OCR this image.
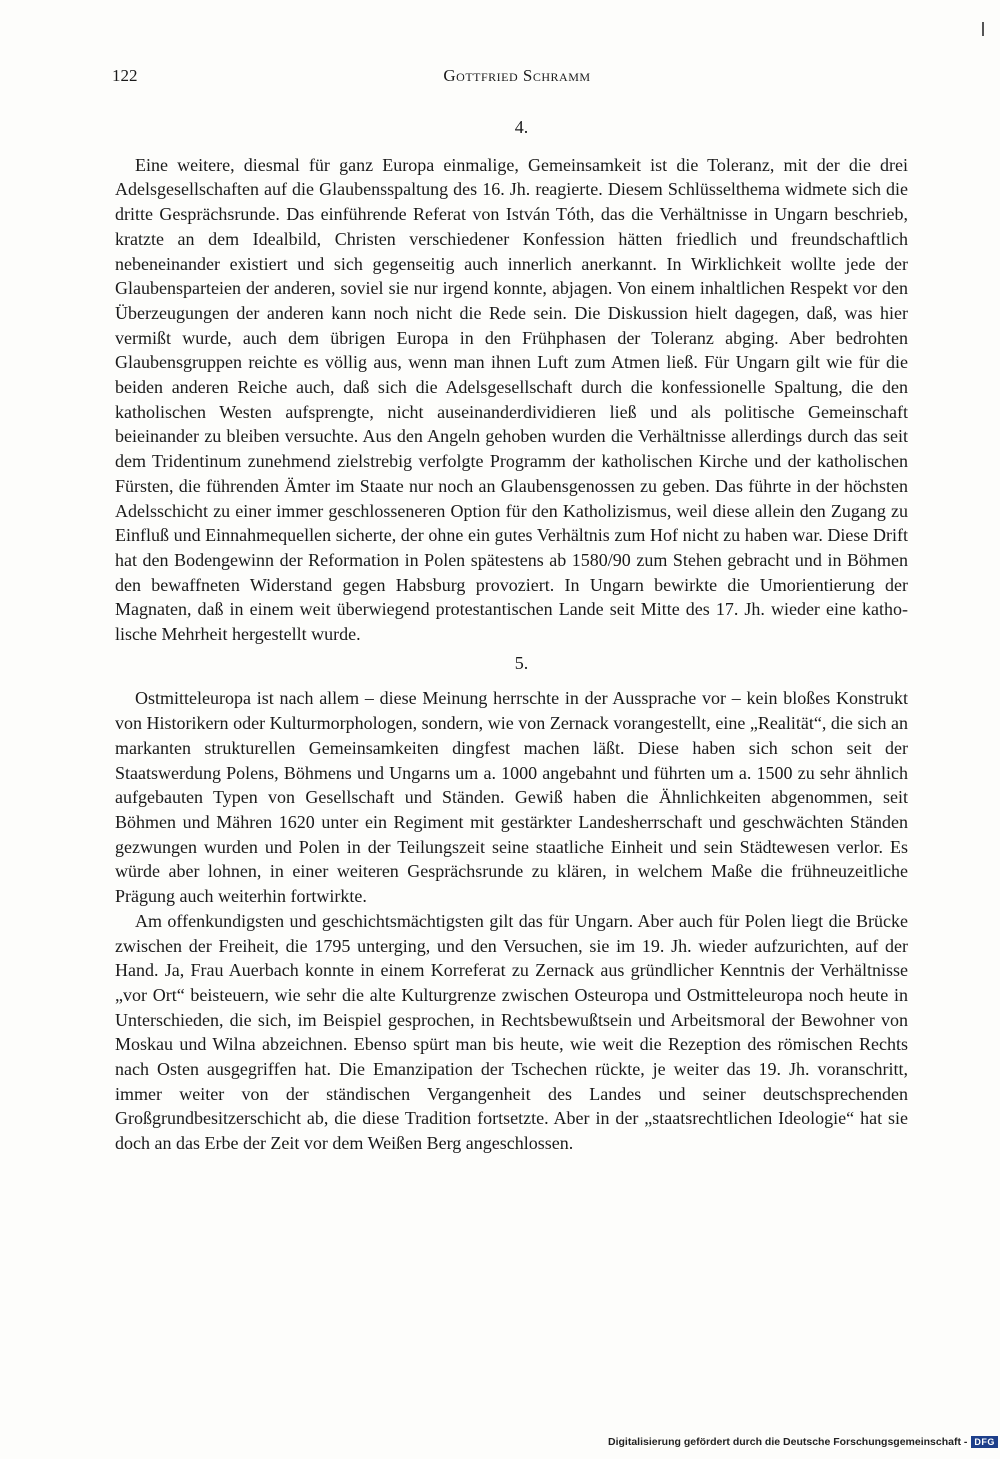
122	Gottfried Schramm

4.

Eine weitere, diesmal für ganz Europa einmalige, Gemeinsamkeit ist die Toleranz, mit der die drei Adelsgesellschaften auf die Glaubensspaltung des 16. Jh. reagierte. Diesem Schlüsselthema widmete sich die dritte Gesprächsrunde. Das einführende Referat von István Tóth, das die Verhältnisse in Ungarn beschrieb, kratzte an dem Idealbild, Christen verschiedener Konfession hätten friedlich und freundschaftlich nebeneinander existiert und sich gegenseitig auch innerlich anerkannt. In Wirklichkeit wollte jede der Glaubensparteien der anderen, soviel sie nur irgend konnte, abjagen. Von einem inhaltlichen Respekt vor den Überzeugungen der anderen kann noch nicht die Rede sein. Die Diskussion hielt dagegen, daß, was hier vermißt wurde, auch dem übrigen Europa in den Frühphasen der Toleranz abging. Aber bedrohten Glaubensgruppen reichte es völlig aus, wenn man ihnen Luft zum Atmen ließ. Für Ungarn gilt wie für die beiden anderen Reiche auch, daß sich die Adelsgesellschaft durch die konfessionelle Spaltung, die den katholischen Westen aufsprengte, nicht auseinanderdividieren ließ und als politische Gemeinschaft beieinander zu bleiben versuchte. Aus den Angeln gehoben wurden die Verhältnisse allerdings durch das seit dem Tridentinum zunehmend zielstrebig verfolgte Programm der katholischen Kirche und der katholischen Fürsten, die führenden Ämter im Staate nur noch an Glaubensgenossen zu geben. Das führte in der höchsten Adelsschicht zu einer immer geschlosseneren Option für den Katholizismus, weil diese allein den Zugang zu Einfluß und Einnahmequellen sicherte, der ohne ein gutes Verhältnis zum Hof nicht zu haben war. Diese Drift hat den Bodengewinn der Reformation in Polen spätestens ab 1580/90 zum Stehen gebracht und in Böhmen den bewaffneten Widerstand gegen Habsburg provoziert. In Ungarn bewirkte die Umorientierung der Magnaten, daß in einem weit überwiegend protestantischen Lande seit Mitte des 17. Jh. wieder eine katholische Mehrheit hergestellt wurde.

5.

Ostmitteleuropa ist nach allem – diese Meinung herrschte in der Aussprache vor – kein bloßes Konstrukt von Historikern oder Kulturmorphologen, sondern, wie von Zernack vorangestellt, eine „Realität“, die sich an markanten strukturellen Gemeinsamkeiten dingfest machen läßt. Diese haben sich schon seit der Staatswerdung Polens, Böhmens und Ungarns um a. 1000 angebahnt und führten um a. 1500 zu sehr ähnlich aufgebauten Typen von Gesellschaft und Ständen. Gewiß haben die Ähnlichkeiten abgenommen, seit Böhmen und Mähren 1620 unter ein Regiment mit gestärkter Landesherrschaft und geschwächten Ständen gezwungen wurden und Polen in der Teilungszeit seine staatliche Einheit und sein Städtewesen verlor. Es würde aber lohnen, in einer weiteren Gesprächsrunde zu klären, in welchem Maße die frühneuzeitliche Prägung auch weiterhin fortwirkte.

Am offenkundigsten und geschichtsmächtigsten gilt das für Ungarn. Aber auch für Polen liegt die Brücke zwischen der Freiheit, die 1795 unterging, und den Versuchen, sie im 19. Jh. wieder aufzurichten, auf der Hand. Ja, Frau Auerbach konnte in einem Korreferat zu Zernack aus gründlicher Kenntnis der Verhältnisse „vor Ort“ beisteuern, wie sehr die alte Kulturgrenze zwischen Osteuropa und Ostmitteleuropa noch heute in Unterschieden, die sich, im Beispiel gesprochen, in Rechtsbewußtsein und Arbeitsmoral der Bewohner von Moskau und Wilna abzeichnen. Ebenso spürt man bis heute, wie weit die Rezeption des römischen Rechts nach Osten ausgegriffen hat. Die Emanzipation der Tschechen rückte, je weiter das 19. Jh. voranschritt, immer weiter von der ständischen Vergangenheit des Landes und seiner deutschsprechenden Großgrundbesitzerschicht ab, die diese Tradition fortsetzte. Aber in der „staatsrechtlichen Ideologie“ hat sie doch an das Erbe der Zeit vor dem Weißen Berg angeschlossen.

Digitalisierung gefördert durch die Deutsche Forschungsgemeinschaft - DFG
